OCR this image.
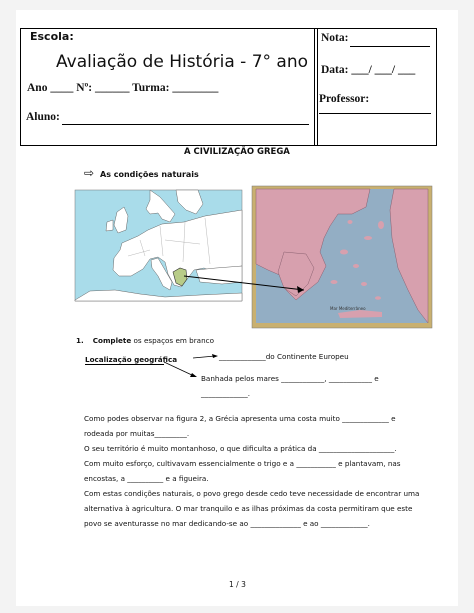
Escola:
Avaliação de História - 7° ano
Ano ____ Nº: ______ Turma: ________
Aluno:
Nota:
Data: ___/ ___/ ___
Professor:
A CIVILIZAÇÃO GREGA
⇨ As condições naturais
Mar Mediterrâneo
1. Complete os espaços em branco
Localização geográfica	_____________do Continente Europeu
Banhada pelos mares ____________, ____________ e
_____________.
Como podes observar na figura 2, a Grécia apresenta uma costa muito _____________ e
rodeada por muitas_________.
O seu território é muito montanhoso, o que dificulta a prática da _____________________.
Com muito esforço, cultivavam essencialmente o trigo e a ___________ e plantavam, nas
encostas, a __________ e a figueira.
Com estas condições naturais, o povo grego desde cedo teve necessidade de encontrar uma
alternativa à agricultura. O mar tranquilo e as ilhas próximas da costa permitiram que este
povo se aventurasse no mar dedicando-se ao ______________ e ao _____________.
1 / 3
